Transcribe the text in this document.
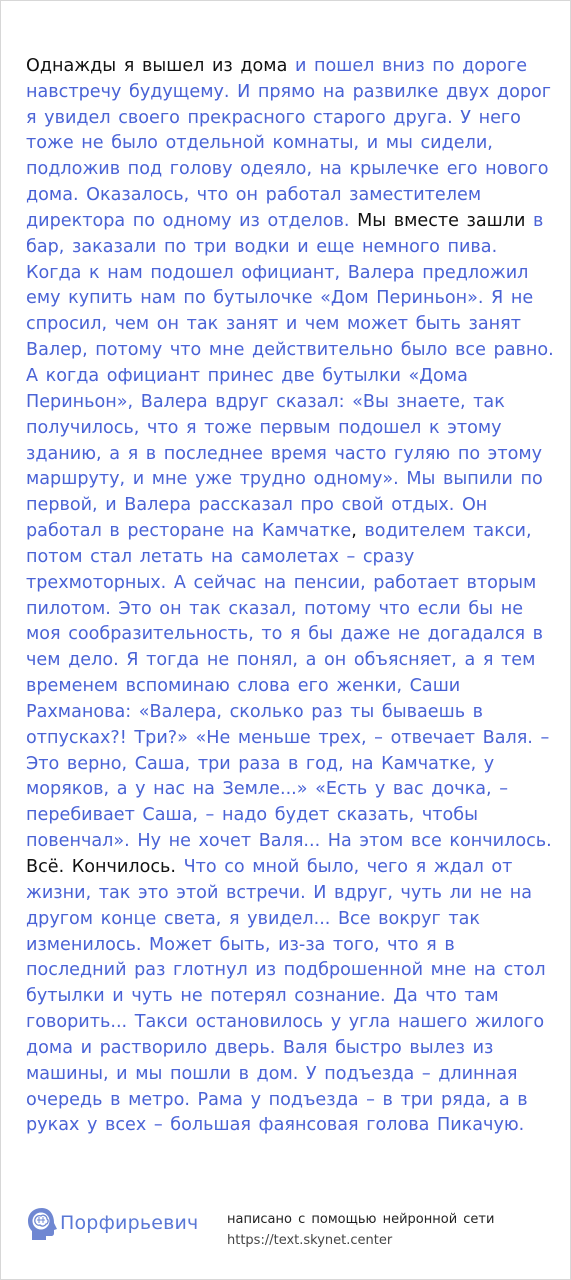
Однажды я вышел из дома и пошел вниз по дороге навстречу будущему. И прямо на развилке двух дорог я увидел своего прекрасного старого друга. У него тоже не было отдельной комнаты, и мы сидели, подложив под голову одеяло, на крылечке его нового дома. Оказалось, что он работал заместителем директора по одному из отделов. Мы вместе зашли в бар, заказали по три водки и еще немного пива. Когда к нам подошел официант, Валера предложил ему купить нам по бутылочке «Дом Периньон». Я не спросил, чем он так занят и чем может быть занят Валер, потому что мне действительно было все равно.
А когда официант принес две бутылки «Дома Периньон», Валера вдруг сказал: «Вы знаете, так получилось, что я тоже первым подошел к этому зданию, а я в последнее время часто гуляю по этому маршруту, и мне уже трудно одному». Мы выпили по первой, и Валера рассказал про свой отдых. Он работал в ресторане на Камчатке, водителем такси, потом стал летать на самолетах – сразу трехмоторных. А сейчас на пенсии, работает вторым пилотом. Это он так сказал, потому что если бы не моя сообразительность, то я бы даже не догадался в чем дело. Я тогда не понял, а он объясняет, а я тем временем вспоминаю слова его женки, Саши Рахманова: «Валера, сколько раз ты бываешь в отпусках?! Три?» «Не меньше трех, – отвечает Валя. – Это верно, Саша, три раза в год, на Камчатке, у моряков, а у нас на Земле...» «Есть у вас дочка, – перебивает Саша, – надо будет сказать, чтобы повенчал». Ну не хочет Валя... На этом все кончилось.
Всё. Кончилось. Что со мной было, чего я ждал от жизни, так это этой встречи. И вдруг, чуть ли не на другом конце света, я увидел... Все вокруг так изменилось. Может быть, из-за того, что я в последний раз глотнул из подброшенной мне на стол бутылки и чуть не потерял сознание. Да что там говорить... Такси остановилось у угла нашего жилого дома и растворило дверь. Валя быстро вылез из машины, и мы пошли в дом. У подъезда – длинная очередь в метро. Рама у подъезда – в три ряда, а в руках у всех – большая фаянсовая голова Пикачую.

Порфирьевич написано с помощью нейронной сети
https://text.skynet.center
